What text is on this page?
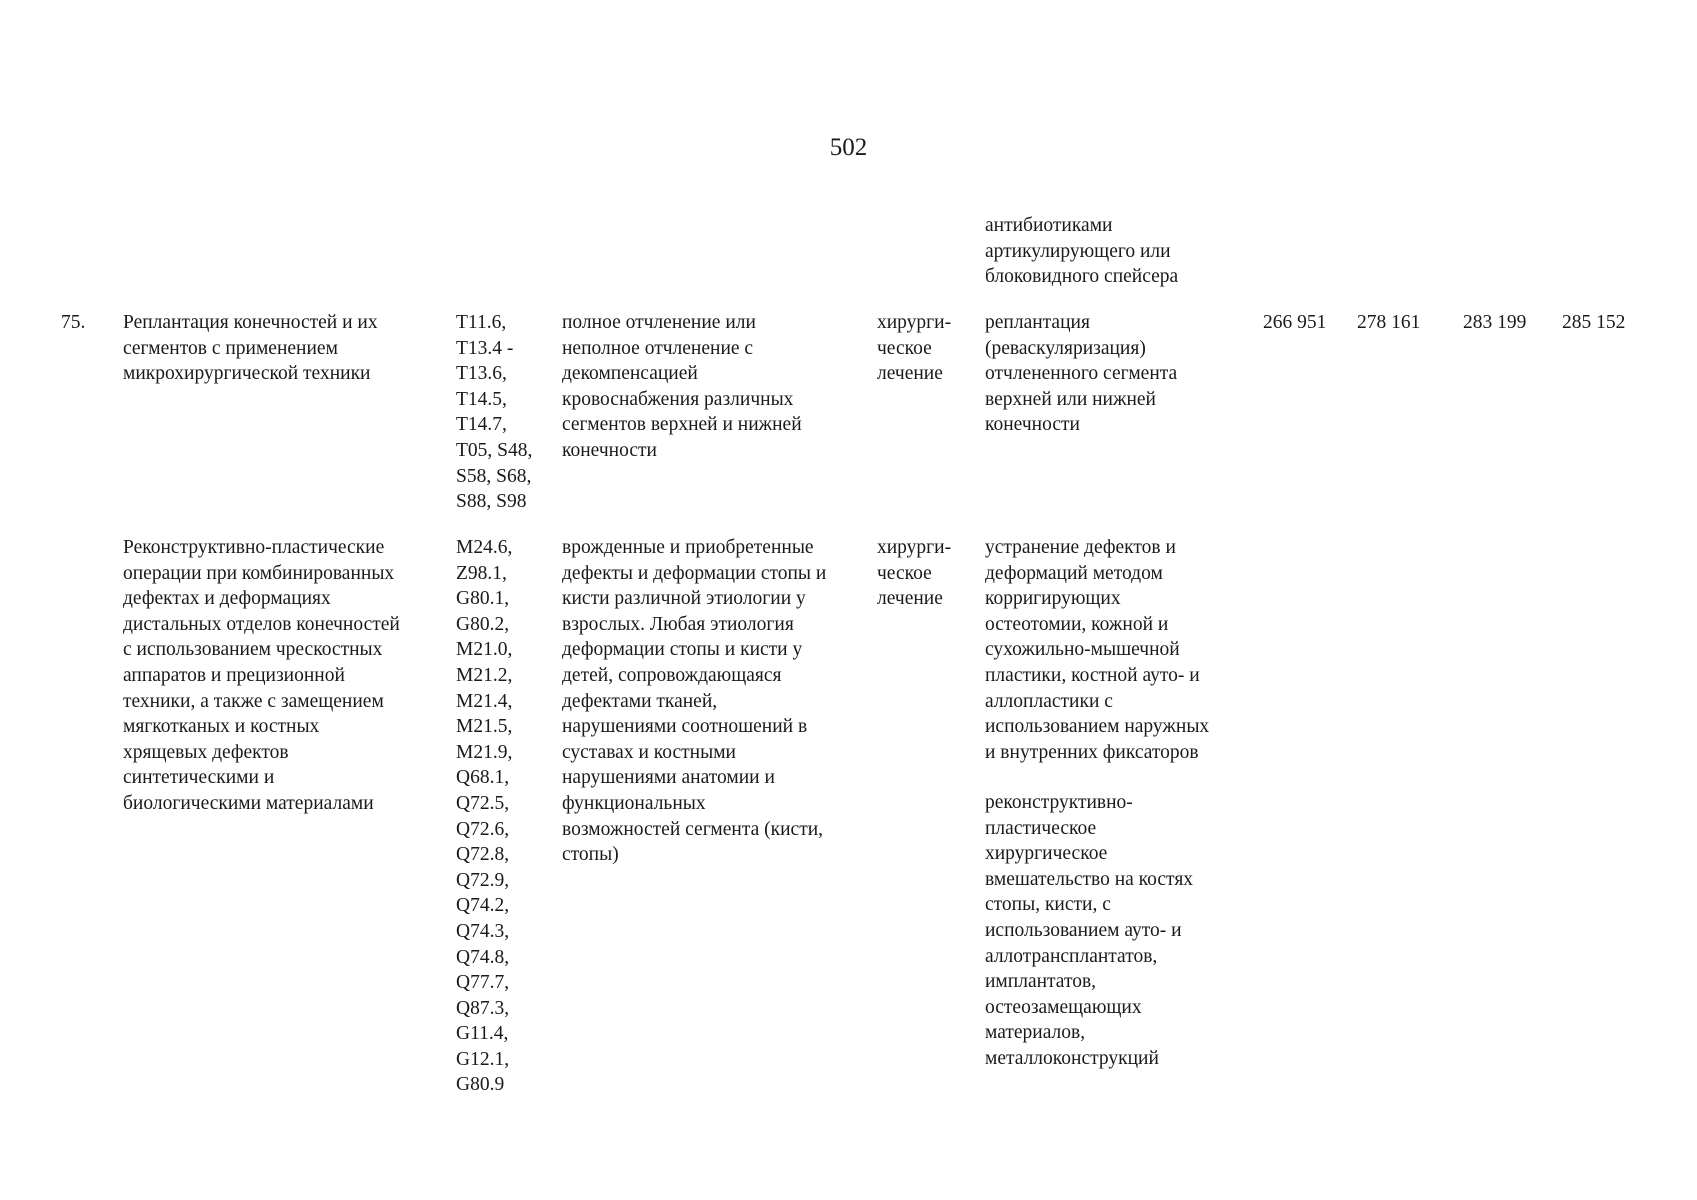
502
антибиотиками
артикулирующего или
блоковидного спейсера
75. Реплантация конечностей и их
сегментов с применением
микрохирургической техники
T11.6,
T13.4 -
T13.6,
T14.5,
T14.7,
T05, S48,
S58, S68,
S88, S98
полное отчленение или
неполное отчленение с
декомпенсацией
кровоснабжения различных
сегментов верхней и нижней
конечности
хирурги-
ческое
лечение
реплантация
(реваскуляризация)
отчлененного сегмента
верхней или нижней
конечности
266 951 278 161 283 199 285 152
Реконструктивно-пластические
операции при комбинированных
дефектах и деформациях
дистальных отделов конечностей
с использованием чрескостных
аппаратов и прецизионной
техники, а также с замещением
мягкотканых и костных
хрящевых дефектов
синтетическими и
биологическими материалами
M24.6,
Z98.1,
G80.1,
G80.2,
M21.0,
M21.2,
M21.4,
M21.5,
M21.9,
Q68.1,
Q72.5,
Q72.6,
Q72.8,
Q72.9,
Q74.2,
Q74.3,
Q74.8,
Q77.7,
Q87.3,
G11.4,
G12.1,
G80.9
врожденные и приобретенные
дефекты и деформации стопы и
кисти различной этиологии у
взрослых. Любая этиология
деформации стопы и кисти у
детей, сопровождающаяся
дефектами тканей,
нарушениями соотношений в
суставах и костными
нарушениями анатомии и
функциональных
возможностей сегмента (кисти,
стопы)
хирурги-
ческое
лечение
устранение дефектов и
деформаций методом
корригирующих
остеотомии, кожной и
сухожильно-мышечной
пластики, костной ауто- и
аллопластики с
использованием наружных
и внутренних фиксаторов
реконструктивно-
пластическое
хирургическое
вмешательство на костях
стопы, кисти, с
использованием ауто- и
аллотрансплантатов,
имплантатов,
остеозамещающих
материалов,
металлоконструкций
